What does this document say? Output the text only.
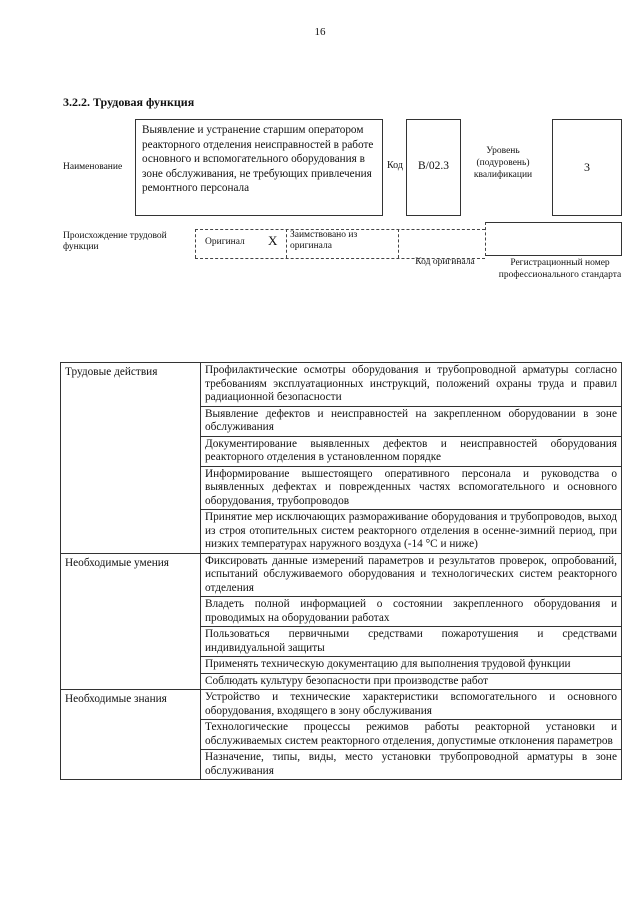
16
3.2.2. Трудовая функция
Наименование
Выявление и устранение старшим оператором реакторного отделения неисправностей в работе основного и вспомогательного оборудования в зоне обслуживания, не требующих привлечения ремонтного персонала
Код	B/02.3
Уровень (подуровень) квалификации
3
Происхождение трудовой функции	Оригинал X Заимствовано из оригинала
Код оригинала	Регистрационный номер профессионального стандарта
Трудовые действия	Профилактические осмотры оборудования и трубопроводной арматуры согласно требованиям эксплуатационных инструкций, положений охраны труда и правил радиационной безопасности
	Выявление дефектов и неисправностей на закрепленном оборудовании в зоне обслуживания
	Документирование выявленных дефектов и неисправностей оборудования реакторного отделения в установленном порядке
	Информирование вышестоящего оперативного персонала и руководства о выявленных дефектах и поврежденных частях вспомогательного и основного оборудования, трубопроводов
	Принятие мер исключающих размораживание оборудования и трубопроводов, выход из строя отопительных систем реакторного отделения в осенне-зимний период, при низких температурах наружного воздуха (-14 °С и ниже)
Необходимые умения	Фиксировать данные измерений параметров и результатов проверок, опробований, испытаний обслуживаемого оборудования и технологических систем реакторного отделения
	Владеть полной информацией о состоянии закрепленного оборудования и проводимых на оборудовании работах
	Пользоваться первичными средствами пожаротушения и средствами индивидуальной защиты
	Применять техническую документацию для выполнения трудовой функции
	Соблюдать культуру безопасности при производстве работ
Необходимые знания	Устройство и технические характеристики вспомогательного и основного оборудования, входящего в зону обслуживания
	Технологические процессы режимов работы реакторной установки и обслуживаемых систем реакторного отделения, допустимые отклонения параметров
	Назначение, типы, виды, место установки трубопроводной арматуры в зоне обслуживания
